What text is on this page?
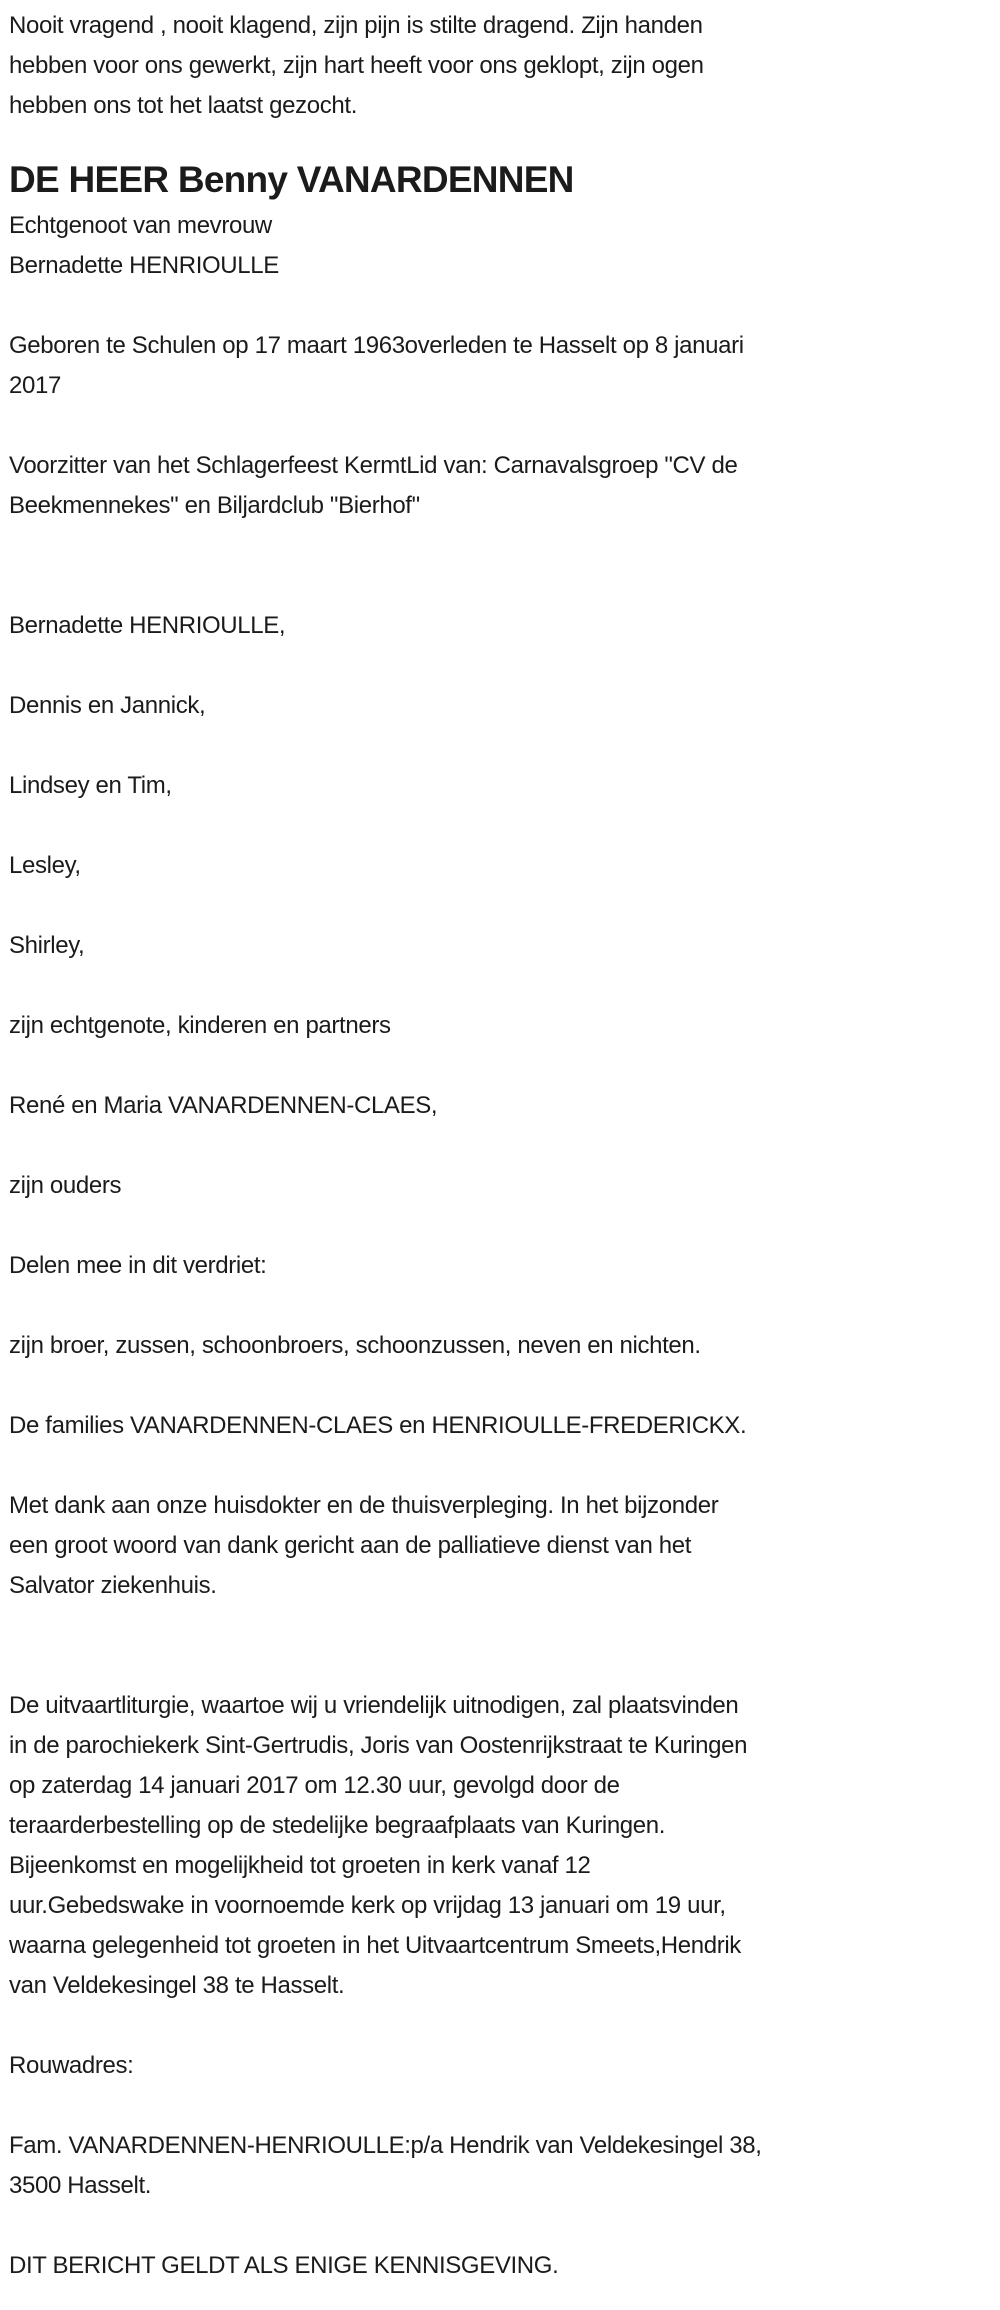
Nooit vragend , nooit klagend, zijn pijn is stilte dragend. Zijn handen
hebben voor ons gewerkt, zijn hart heeft voor ons geklopt, zijn ogen
hebben ons tot het laatst gezocht.

DE HEER Benny VANARDENNEN
Echtgenoot van mevrouw
Bernadette HENRIOULLE

Geboren te Schulen op 17 maart 1963overleden te Hasselt op 8 januari
2017

Voorzitter van het Schlagerfeest KermtLid van: Carnavalsgroep "CV de
Beekmennekes" en Biljardclub "Bierhof"

Bernadette HENRIOULLE,

Dennis en Jannick,

Lindsey en Tim,

Lesley,

Shirley,

zijn echtgenote, kinderen en partners

René en Maria VANARDENNEN-CLAES,

zijn ouders

Delen mee in dit verdriet:

zijn broer, zussen, schoonbroers, schoonzussen, neven en nichten.

De families VANARDENNEN-CLAES en HENRIOULLE-FREDERICKX.

Met dank aan onze huisdokter en de thuisverpleging. In het bijzonder
een groot woord van dank gericht aan de palliatieve dienst van het
Salvator ziekenhuis.

De uitvaartliturgie, waartoe wij u vriendelijk uitnodigen, zal plaatsvinden
in de parochiekerk Sint-Gertrudis, Joris van Oostenrijkstraat te Kuringen
op zaterdag 14 januari 2017 om 12.30 uur, gevolgd door de
teraarderbestelling op de stedelijke begraafplaats van Kuringen.
Bijeenkomst en mogelijkheid tot groeten in kerk vanaf 12
uur.Gebedswake in voornoemde kerk op vrijdag 13 januari om 19 uur,
waarna gelegenheid tot groeten in het Uitvaartcentrum Smeets,Hendrik
van Veldekesingel 38 te Hasselt.

Rouwadres:

Fam. VANARDENNEN-HENRIOULLE:p/a Hendrik van Veldekesingel 38,
3500 Hasselt.

DIT BERICHT GELDT ALS ENIGE KENNISGEVING.
